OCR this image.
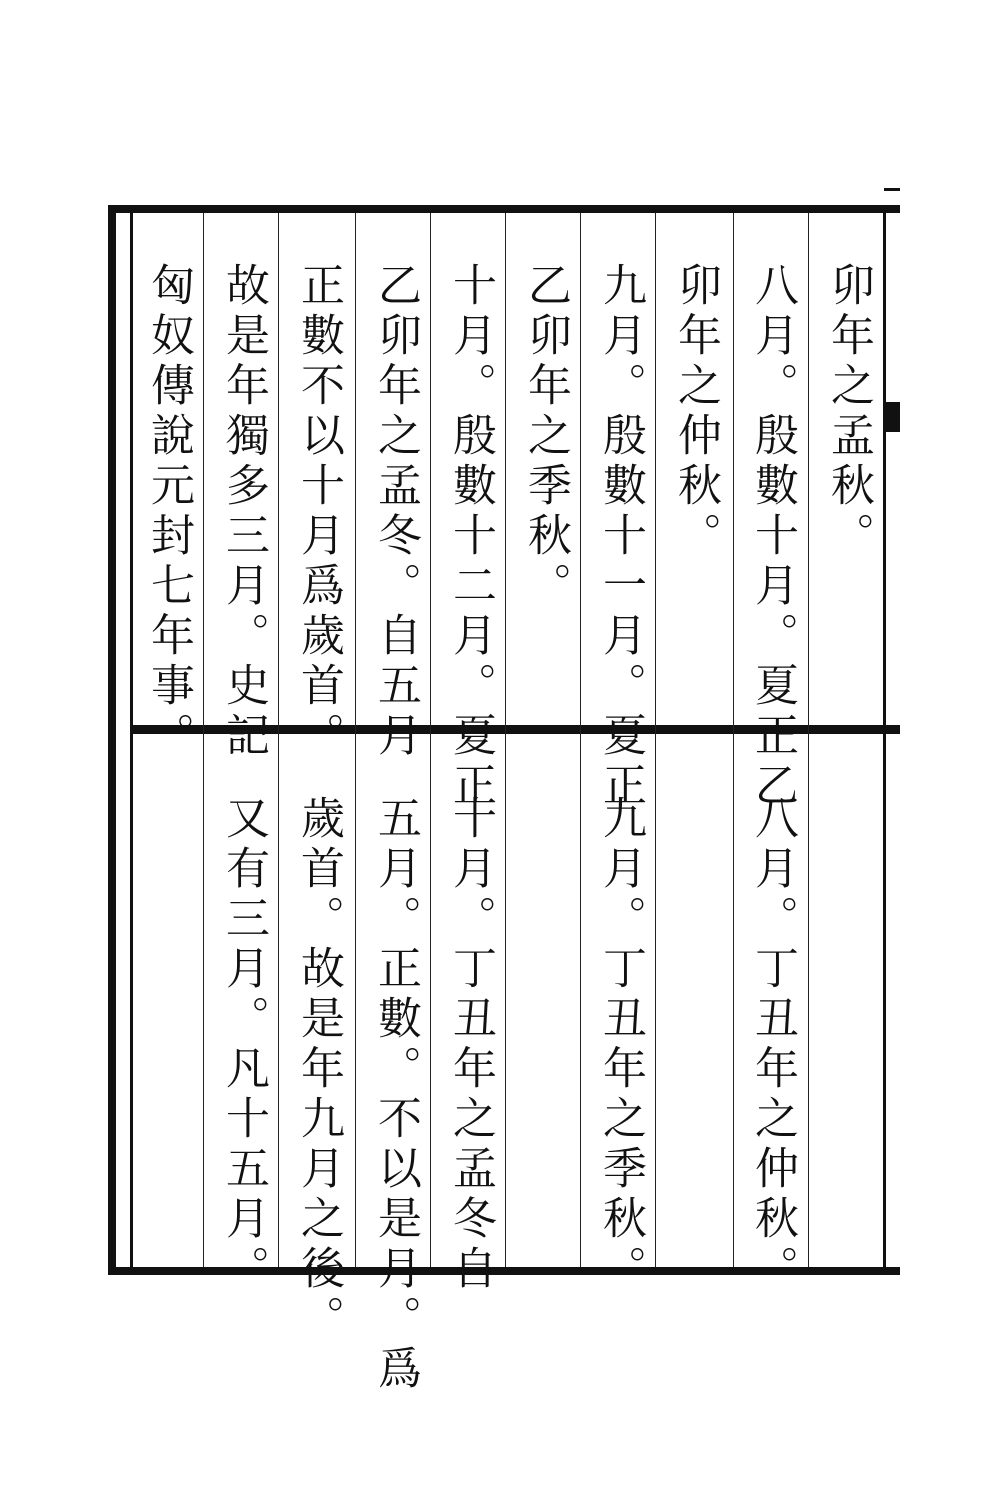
卯年之孟秋。
八月。殷數十月。夏正乙
卯年之仲秋。
九月。殷數十一月。夏正
乙卯年之季秋。
十月。殷數十二月。夏正
乙卯年之孟冬。自五月
正數不以十月爲歲首。
故是年獨多三月。史記
匈奴傳說元封七年事。
八月。丁丑年之仲秋。
九月。丁丑年之季秋。
十月。丁丑年之孟冬自
五月。正數。不以是月。爲
歲首。故是年九月之後。
又有三月。凡十五月。
